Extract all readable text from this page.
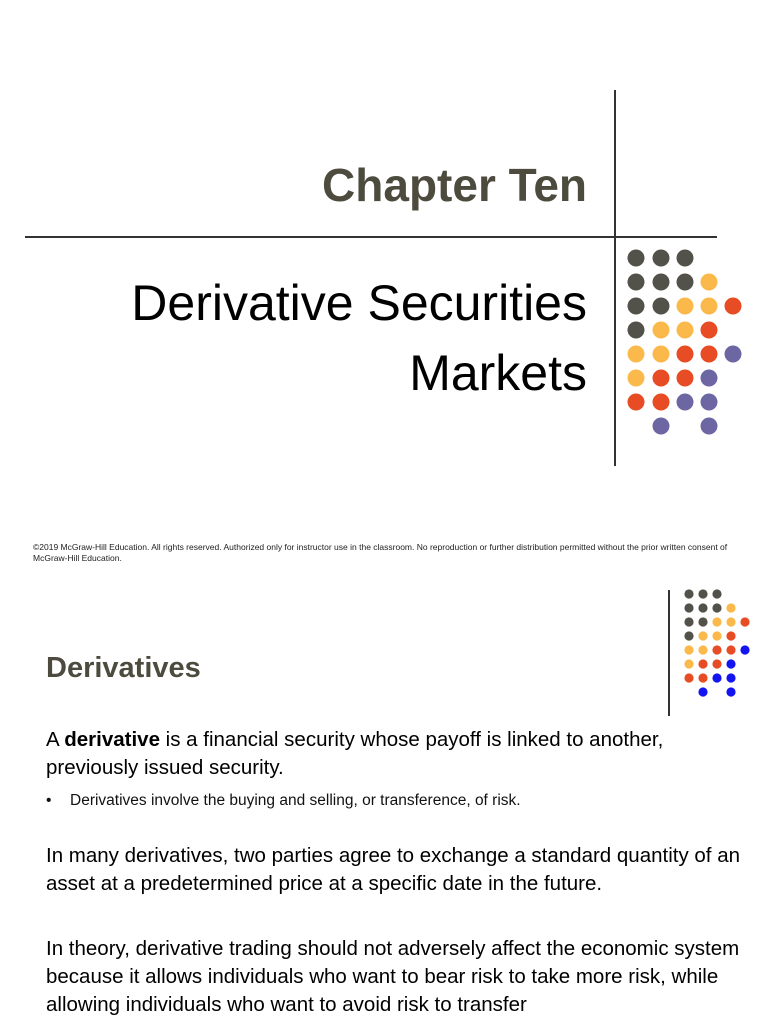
Chapter Ten
Derivative Securities
Markets
©2019 McGraw-Hill Education. All rights reserved. Authorized only for instructor use in the classroom. No reproduction or further distribution permitted without the prior written consent of McGraw-Hill Education.
Derivatives
A derivative is a financial security whose payoff is linked to another, previously issued security.
• Derivatives involve the buying and selling, or transference, of risk.
In many derivatives, two parties agree to exchange a standard quantity of an asset at a predetermined price at a specific date in the future.
In theory, derivative trading should not adversely affect the economic system because it allows individuals who want to bear risk to take more risk, while allowing individuals who want to avoid risk to transfer
